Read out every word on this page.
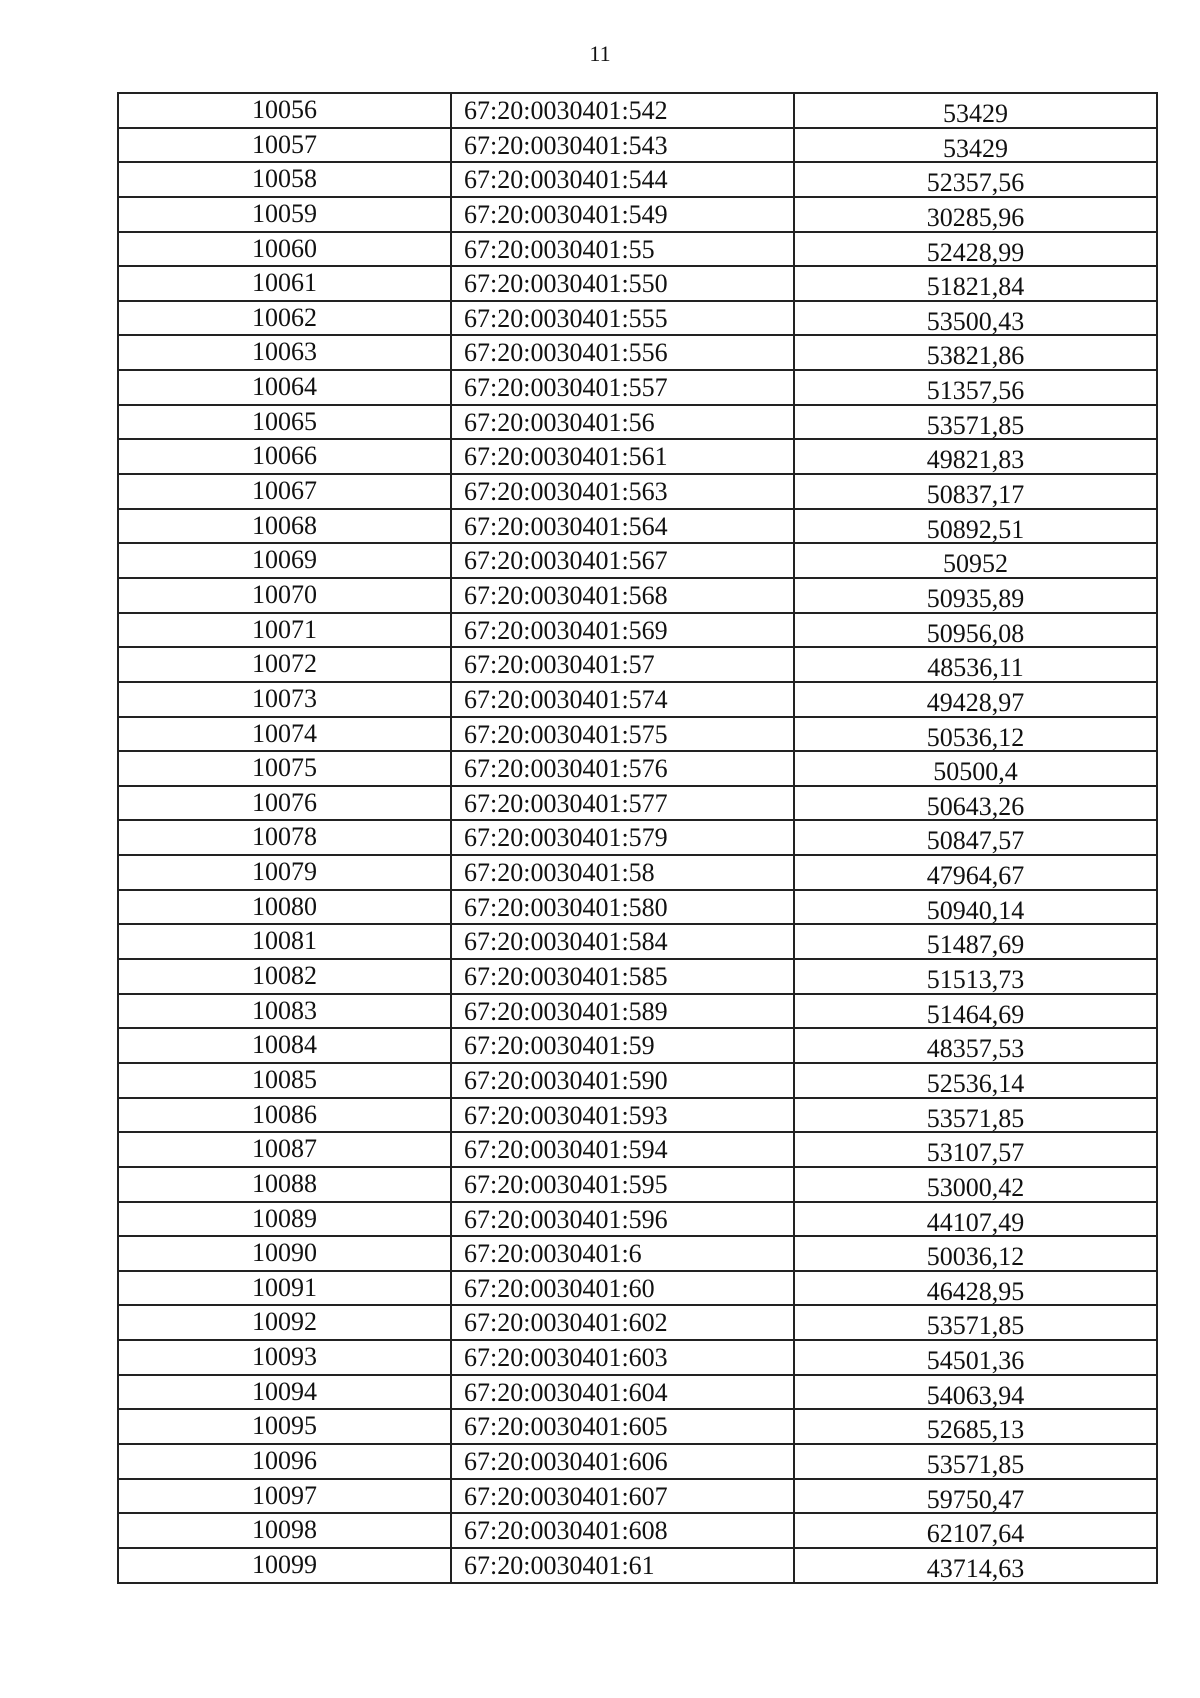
11
10056	67:20:0030401:542	53429
10057	67:20:0030401:543	53429
10058	67:20:0030401:544	52357,56
10059	67:20:0030401:549	30285,96
10060	67:20:0030401:55	52428,99
10061	67:20:0030401:550	51821,84
10062	67:20:0030401:555	53500,43
10063	67:20:0030401:556	53821,86
10064	67:20:0030401:557	51357,56
10065	67:20:0030401:56	53571,85
10066	67:20:0030401:561	49821,83
10067	67:20:0030401:563	50837,17
10068	67:20:0030401:564	50892,51
10069	67:20:0030401:567	50952
10070	67:20:0030401:568	50935,89
10071	67:20:0030401:569	50956,08
10072	67:20:0030401:57	48536,11
10073	67:20:0030401:574	49428,97
10074	67:20:0030401:575	50536,12
10075	67:20:0030401:576	50500,4
10076	67:20:0030401:577	50643,26
10078	67:20:0030401:579	50847,57
10079	67:20:0030401:58	47964,67
10080	67:20:0030401:580	50940,14
10081	67:20:0030401:584	51487,69
10082	67:20:0030401:585	51513,73
10083	67:20:0030401:589	51464,69
10084	67:20:0030401:59	48357,53
10085	67:20:0030401:590	52536,14
10086	67:20:0030401:593	53571,85
10087	67:20:0030401:594	53107,57
10088	67:20:0030401:595	53000,42
10089	67:20:0030401:596	44107,49
10090	67:20:0030401:6	50036,12
10091	67:20:0030401:60	46428,95
10092	67:20:0030401:602	53571,85
10093	67:20:0030401:603	54501,36
10094	67:20:0030401:604	54063,94
10095	67:20:0030401:605	52685,13
10096	67:20:0030401:606	53571,85
10097	67:20:0030401:607	59750,47
10098	67:20:0030401:608	62107,64
10099	67:20:0030401:61	43714,63
